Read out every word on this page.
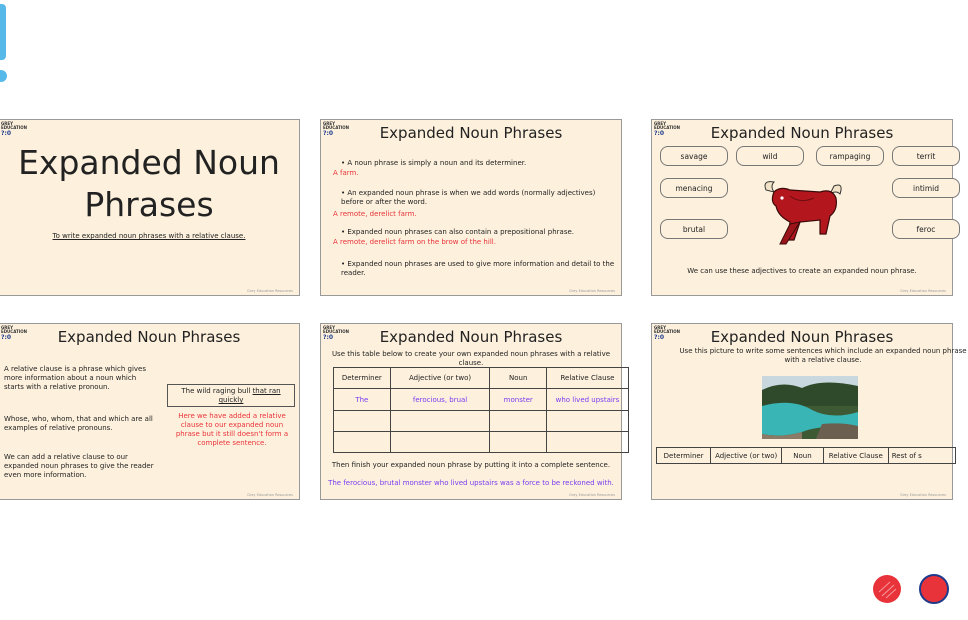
GREY EDUCATION
?:0
Expanded Noun Phrases
To write expanded noun phrases with a relative clause.
Grey Education Resources
GREY EDUCATION
?:0	Expanded Noun Phrases
• A noun phrase is simply a noun and its determiner.
A farm.
• An expanded noun phrase is when we add words (normally adjectives) before or after the word.
A remote, derelict farm.
• Expanded noun phrases can also contain a prepositional phrase.
A remote, derelict farm on the brow of the hill.
• Expanded noun phrases are used to give more information and detail to the reader.
Grey Education Resources
GREY EDUCATION
?:0	Expanded Noun Phrases
savage	wild	rampaging	territ
menacing	intimid
brutal	feroc
We can use these adjectives to create an expanded noun phrase.
Grey Education Resources
GREY EDUCATION
?:0	Expanded Noun Phrases
A relative clause is a phrase which gives more information about a noun which starts with a relative pronoun.
Whose, who, whom, that and which are all examples of relative pronouns.
We can add a relative clause to our expanded noun phrases to give the reader even more information.
The wild raging bull that ran quickly
Here we have added a relative clause to our expanded noun phrase but it still doesn't form a complete sentence.
Grey Education Resources
GREY EDUCATION
?:0	Expanded Noun Phrases
Use this table below to create your own expanded noun phrases with a relative clause.
Determiner	Adjective (or two)	Noun	Relative Clause
The	ferocious, brual	monster	who lived upstairs

Then finish your expanded noun phrase by putting it into a complete sentence.
The ferocious, brutal monster who lived upstairs was a force to be reckoned with.
Grey Education Resources
GREY EDUCATION
?:0	Expanded Noun Phrases
Use this picture to write some sentences which include an expanded noun phrase with a relative clause.
Determiner	Adjective (or two)	Noun	Relative Clause	Rest of s
Grey Education Resources
